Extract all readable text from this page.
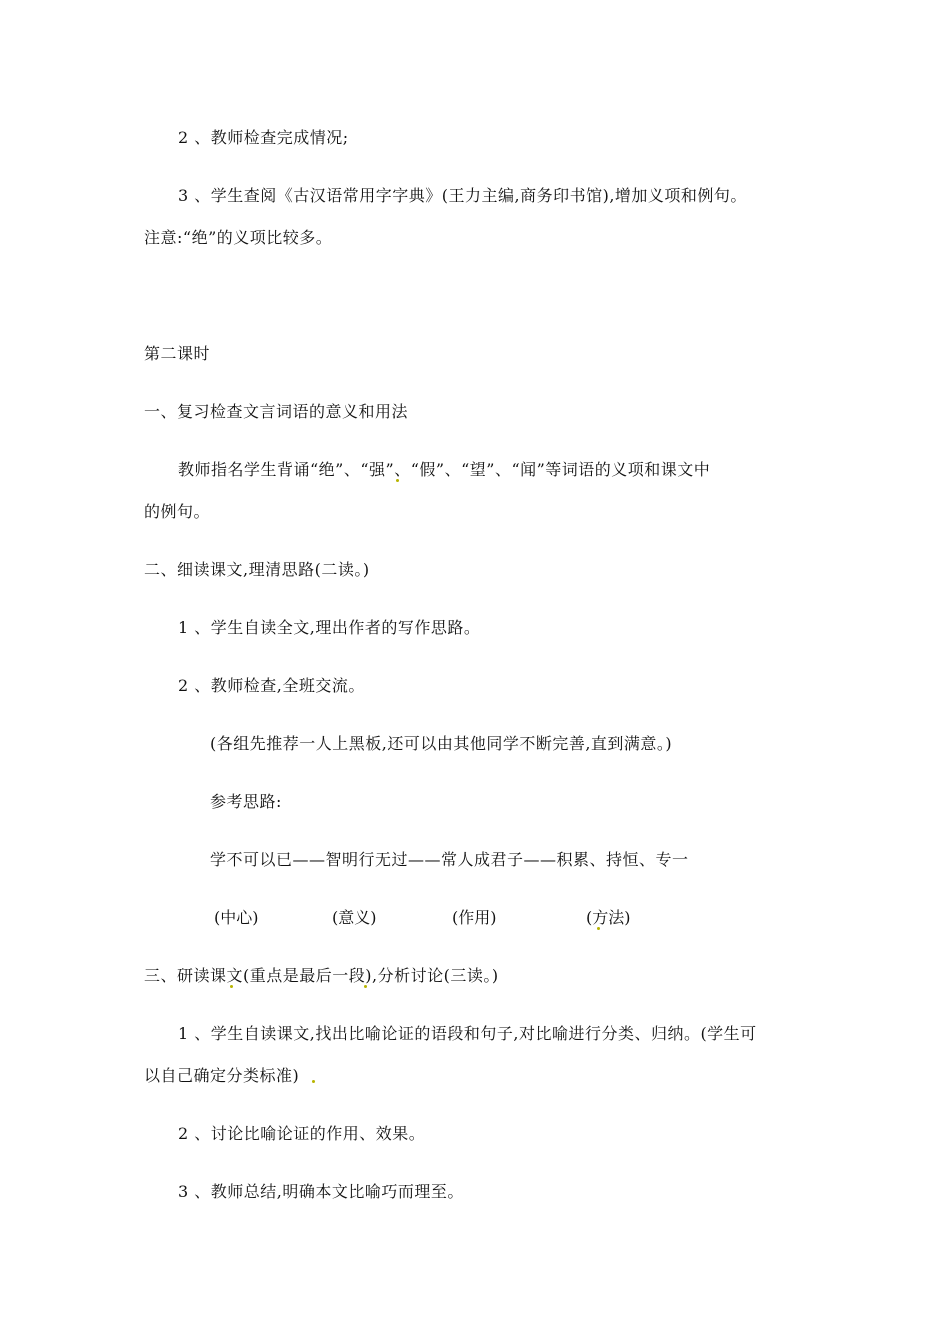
2 、教师检查完成情况;
3 、学生查阅《古汉语常用字字典》(王力主编,商务印书馆),增加义项和例句。
注意:“绝”的义项比较多。
第二课时
一、复习检查文言词语的意义和用法
教师指名学生背诵“绝”、“强”、“假”、“望”、“闻”等词语的义项和课文中
的例句。
二、细读课文,理清思路(二读。)
1 、学生自读全文,理出作者的写作思路。
2 、教师检查,全班交流。
(各组先推荐一人上黑板,还可以由其他同学不断完善,直到满意。)
参考思路:
学不可以已——智明行无过——常人成君子——积累、持恒、专一
(中心)	(意义)	(作用)	(方法)
三、研读课文(重点是最后一段),分析讨论(三读。)
1 、学生自读课文,找出比喻论证的语段和句子,对比喻进行分类、归纳。(学生可
以自己确定分类标准)
2 、讨论比喻论证的作用、效果。
3 、教师总结,明确本文比喻巧而理至。
